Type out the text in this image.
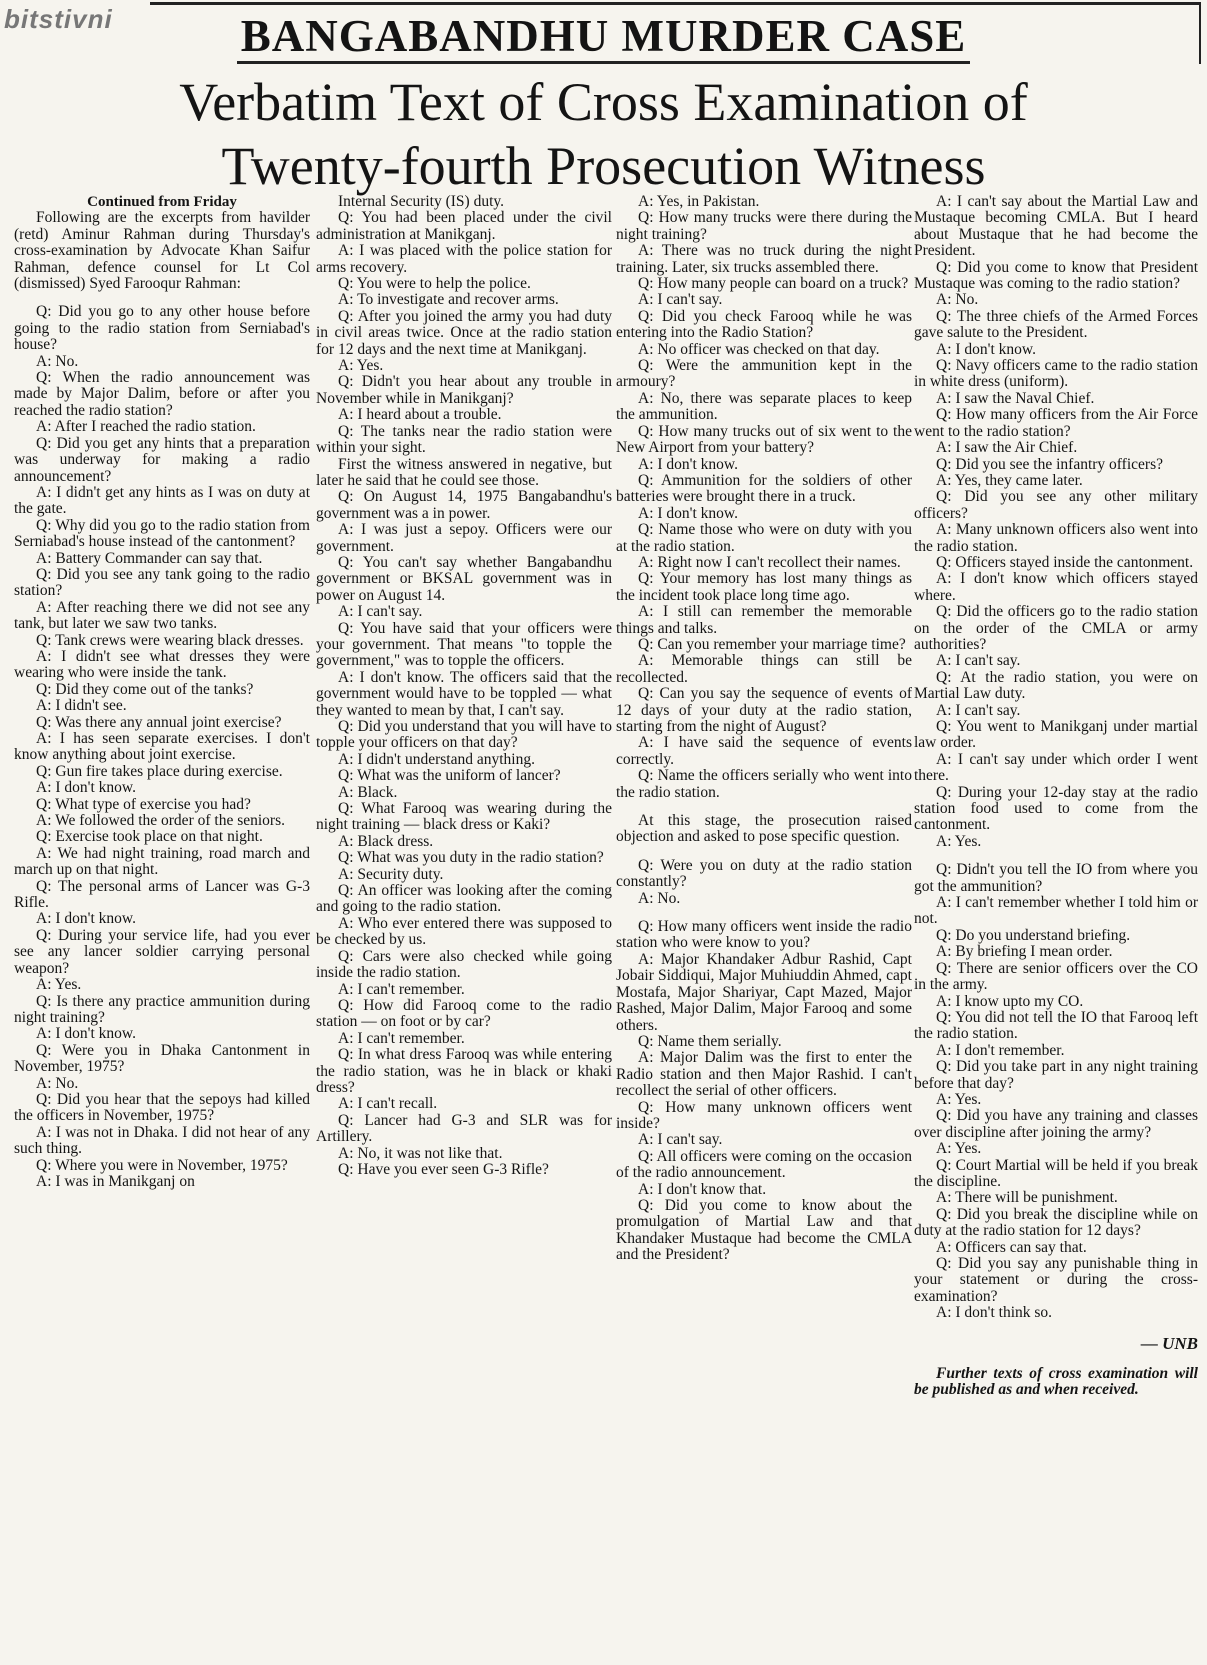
bitstivni	BANGABANDHU MURDER CASE
Verbatim Text of Cross Examination of
Twenty-fourth Prosecution Witness

Continued from Friday

Following are the excerpts from havilder (retd) Aminur Rahman during Thursday's cross-examination by Advocate Khan Saifur Rahman, defence counsel for Lt Col (dismissed) Syed Farooqur Rahman:

Q: Did you go to any other house before going to the radio station from Serniabad's house?

A: No.

Q: When the radio announcement was made by Major Dalim, before or after you reached the radio station?

A: After I reached the radio station.

Q: Did you get any hints that a preparation was underway for making a radio announcement?

A: I didn't get any hints as I was on duty at the gate.

Q: Why did you go to the radio station from Serniabad's house instead of the cantonment?

A: Battery Commander can say that.

Q: Did you see any tank going to the radio station?

A: After reaching there we did not see any tank, but later we saw two tanks.

Q: Tank crews were wearing black dresses.

A: I didn't see what dresses they were wearing who were inside the tank.

Q: Did they come out of the tanks?

A: I didn't see.

Q: Was there any annual joint exercise?

A: I has seen separate exercises. I don't know anything about joint exercise.

Q: Gun fire takes place during exercise.

A: I don't know.

Q: What type of exercise you had?

A: We followed the order of the seniors.

Q: Exercise took place on that night.

A: We had night training, road march and march up on that night.

Q: The personal arms of Lancer was G-3 Rifle.

A: I don't know.

Q: During your service life, had you ever see any lancer soldier carrying personal weapon?

A: Yes.

Q: Is there any practice ammunition during night training?

A: I don't know.

Q: Were you in Dhaka Cantonment in November, 1975?

A: No.

Q: Did you hear that the sepoys had killed the officers in November, 1975?

A: I was not in Dhaka. I did not hear of any such thing.

Q: Where you were in November, 1975?

A: I was in Manikganj on

Internal Security (IS) duty.

Q: You had been placed under the civil administration at Manikganj.

A: I was placed with the police station for arms recovery.

Q: You were to help the police.

A: To investigate and recover arms.

Q: After you joined the army you had duty in civil areas twice. Once at the radio station for 12 days and the next time at Manikganj.

A: Yes.

Q: Didn't you hear about any trouble in November while in Manikganj?

A: I heard about a trouble.

Q: The tanks near the radio station were within your sight.

First the witness answered in negative, but later he said that he could see those.

Q: On August 14, 1975 Bangabandhu's government was a in power.

A: I was just a sepoy. Officers were our government.

Q: You can't say whether Bangabandhu government or BKSAL government was in power on August 14.

A: I can't say.

Q: You have said that your officers were your government. That means "to topple the government," was to topple the officers.

A: I don't know. The officers said that the government would have to be toppled — what they wanted to mean by that, I can't say.

Q: Did you understand that you will have to topple your officers on that day?

A: I didn't understand anything.

Q: What was the uniform of lancer?

A: Black.

Q: What Farooq was wearing during the night training — black dress or Kaki?

A: Black dress.

Q: What was you duty in the radio station?

A: Security duty.

Q: An officer was looking after the coming and going to the radio station.

A: Who ever entered there was supposed to be checked by us.

Q: Cars were also checked while going inside the radio station.

A: I can't remember.

Q: How did Farooq come to the radio station — on foot or by car?

A: I can't remember.

Q: In what dress Farooq was while entering the radio station, was he in black or khaki dress?

A: I can't recall.

Q: Lancer had G-3 and SLR was for Artillery.

A: No, it was not like that.

Q: Have you ever seen G-3 Rifle?

A: Yes, in Pakistan.

Q: How many trucks were there during the night training?

A: There was no truck during the night training. Later, six trucks assembled there.

Q: How many people can board on a truck?

A: I can't say.

Q: Did you check Farooq while he was entering into the Radio Station?

A: No officer was checked on that day.

Q: Were the ammunition kept in the armoury?

A: No, there was separate places to keep the ammunition.

Q: How many trucks out of six went to the New Airport from your battery?

A: I don't know.

Q: Ammunition for the soldiers of other batteries were brought there in a truck.

A: I don't know.

Q: Name those who were on duty with you at the radio station.

A: Right now I can't recollect their names.

Q: Your memory has lost many things as the incident took place long time ago.

A: I still can remember the memorable things and talks.

Q: Can you remember your marriage time?

A: Memorable things can still be recollected.

Q: Can you say the sequence of events of 12 days of your duty at the radio station, starting from the night of August?

A: I have said the sequence of events correctly.

Q: Name the officers serially who went into the radio station.

At this stage, the prosecution raised objection and asked to pose specific question.

Q: Were you on duty at the radio station constantly?

A: No.

Q: How many officers went inside the radio station who were know to you?

A: Major Khandaker Adbur Rashid, Capt Jobair Siddiqui, Major Muhiuddin Ahmed, capt Mostafa, Major Shariyar, Capt Mazed, Major Rashed, Major Dalim, Major Farooq and some others.

Q: Name them serially.

A: Major Dalim was the first to enter the Radio station and then Major Rashid. I can't recollect the serial of other officers.

Q: How many unknown officers went inside?

A: I can't say.

Q: All officers were coming on the occasion of the radio announcement.

A: I don't know that.

Q: Did you come to know about the promulgation of Martial Law and that Khandaker Mustaque had become the CMLA and the President?

A: I can't say about the Martial Law and Mustaque becoming CMLA. But I heard about Mustaque that he had become the President.

Q: Did you come to know that President Mustaque was coming to the radio station?

A: No.

Q: The three chiefs of the Armed Forces gave salute to the President.

A: I don't know.

Q: Navy officers came to the radio station in white dress (uniform).

A: I saw the Naval Chief.

Q: How many officers from the Air Force went to the radio station?

A: I saw the Air Chief.

Q: Did you see the infantry officers?

A: Yes, they came later.

Q: Did you see any other military officers?

A: Many unknown officers also went into the radio station.

Q: Officers stayed inside the cantonment.

A: I don't know which officers stayed where.

Q: Did the officers go to the radio station on the order of the CMLA or army authorities?

A: I can't say.

Q: At the radio station, you were on Martial Law duty.

A: I can't say.

Q: You went to Manikganj under martial law order.

A: I can't say under which order I went there.

Q: During your 12-day stay at the radio station food used to come from the cantonment.

A: Yes.

Q: Didn't you tell the IO from where you got the ammunition?

A: I can't remember whether I told him or not.

Q: Do you understand briefing.

A: By briefing I mean order.

Q: There are senior officers over the CO in the army.

A: I know upto my CO.

Q: You did not tell the IO that Farooq left the radio station.

A: I don't remember.

Q: Did you take part in any night training before that day?

A: Yes.

Q: Did you have any training and classes over discipline after joining the army?

A: Yes.

Q: Court Martial will be held if you break the discipline.

A: There will be punishment.

Q: Did you break the discipline while on duty at the radio station for 12 days?

A: Officers can say that.

Q: Did you say any punishable thing in your statement or during the cross-examination?

A: I don't think so.

— UNB

Further texts of cross examination will be published as and when received.
